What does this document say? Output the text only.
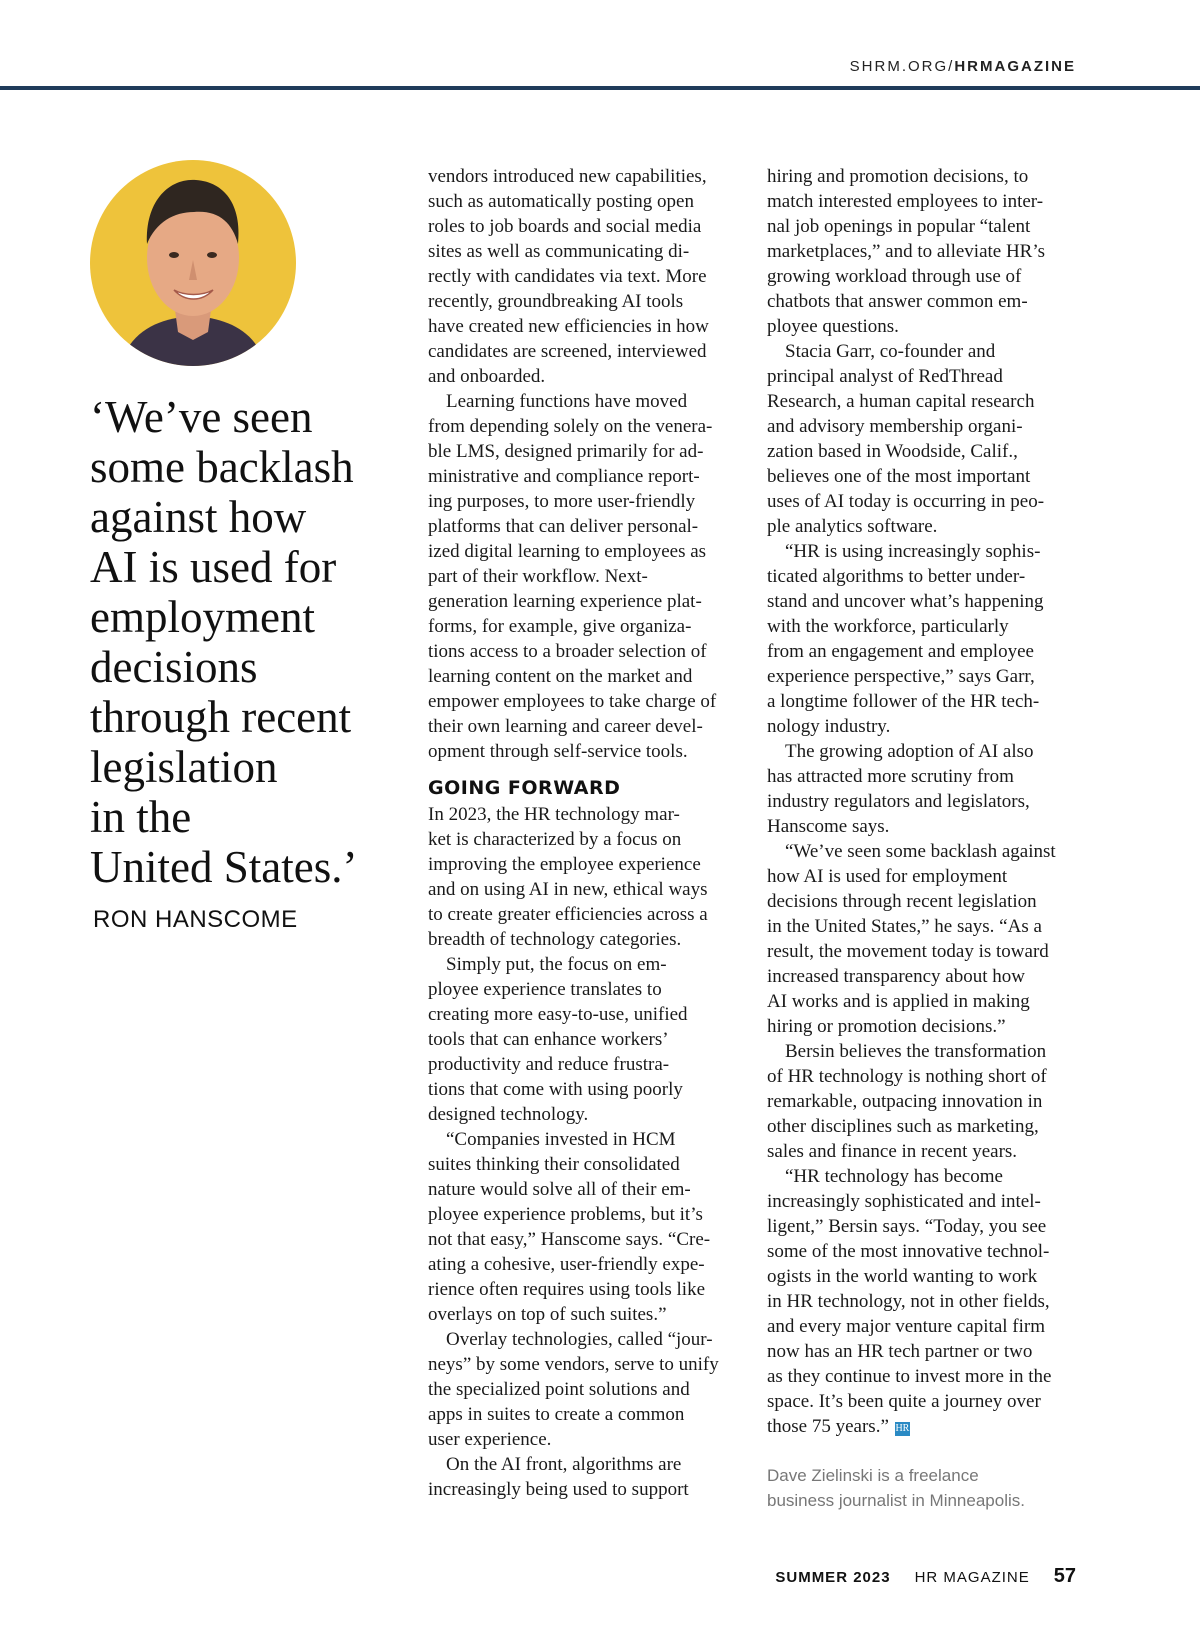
SHRM.ORG/HRMAGAZINE
‘We’ve seen
some backlash
against how
AI is used for
employment
decisions
through recent
legislation
in the
United States.’
RON HANSCOME
vendors introduced new capabilities,
such as automatically posting open
roles to job boards and social media
sites as well as communicating di-
rectly with candidates via text. More
recently, groundbreaking AI tools
have created new efficiencies in how
candidates are screened, interviewed
and onboarded.
Learning functions have moved
from depending solely on the venera-
ble LMS, designed primarily for ad-
ministrative and compliance report-
ing purposes, to more user-friendly
platforms that can deliver personal-
ized digital learning to employees as
part of their workflow. Next-
generation learning experience plat-
forms, for example, give organiza-
tions access to a broader selection of
learning content on the market and
empower employees to take charge of
their own learning and career devel-
opment through self-service tools.
GOING FORWARD
In 2023, the HR technology mar-
ket is characterized by a focus on
improving the employee experience
and on using AI in new, ethical ways
to create greater efficiencies across a
breadth of technology categories.
Simply put, the focus on em-
ployee experience translates to
creating more easy-to-use, unified
tools that can enhance workers’
productivity and reduce frustra-
tions that come with using poorly
designed technology.
“Companies invested in HCM
suites thinking their consolidated
nature would solve all of their em-
ployee experience problems, but it’s
not that easy,” Hanscome says. “Cre-
ating a cohesive, user-friendly expe-
rience often requires using tools like
overlays on top of such suites.”
Overlay technologies, called “jour-
neys” by some vendors, serve to unify
the specialized point solutions and
apps in suites to create a common
user experience.
On the AI front, algorithms are
increasingly being used to support
hiring and promotion decisions, to
match interested employees to inter-
nal job openings in popular “talent
marketplaces,” and to alleviate HR’s
growing workload through use of
chatbots that answer common em-
ployee questions.
Stacia Garr, co-founder and
principal analyst of RedThread
Research, a human capital research
and advisory membership organi-
zation based in Woodside, Calif.,
believes one of the most important
uses of AI today is occurring in peo-
ple analytics software.
“HR is using increasingly sophis-
ticated algorithms to better under-
stand and uncover what’s happening
with the workforce, particularly
from an engagement and employee
experience perspective,” says Garr,
a longtime follower of the HR tech-
nology industry.
The growing adoption of AI also
has attracted more scrutiny from
industry regulators and legislators,
Hanscome says.
“We’ve seen some backlash against
how AI is used for employment
decisions through recent legislation
in the United States,” he says. “As a
result, the movement today is toward
increased transparency about how
AI works and is applied in making
hiring or promotion decisions.”
Bersin believes the transformation
of HR technology is nothing short of
remarkable, outpacing innovation in
other disciplines such as marketing,
sales and finance in recent years.
“HR technology has become
increasingly sophisticated and intel-
ligent,” Bersin says. “Today, you see
some of the most innovative technol-
ogists in the world wanting to work
in HR technology, not in other fields,
and every major venture capital firm
now has an HR tech partner or two
as they continue to invest more in the
space. It’s been quite a journey over
those 75 years.” HR
Dave Zielinski is a freelance
business journalist in Minneapolis.
SUMMER 2023 HR MAGAZINE 57
